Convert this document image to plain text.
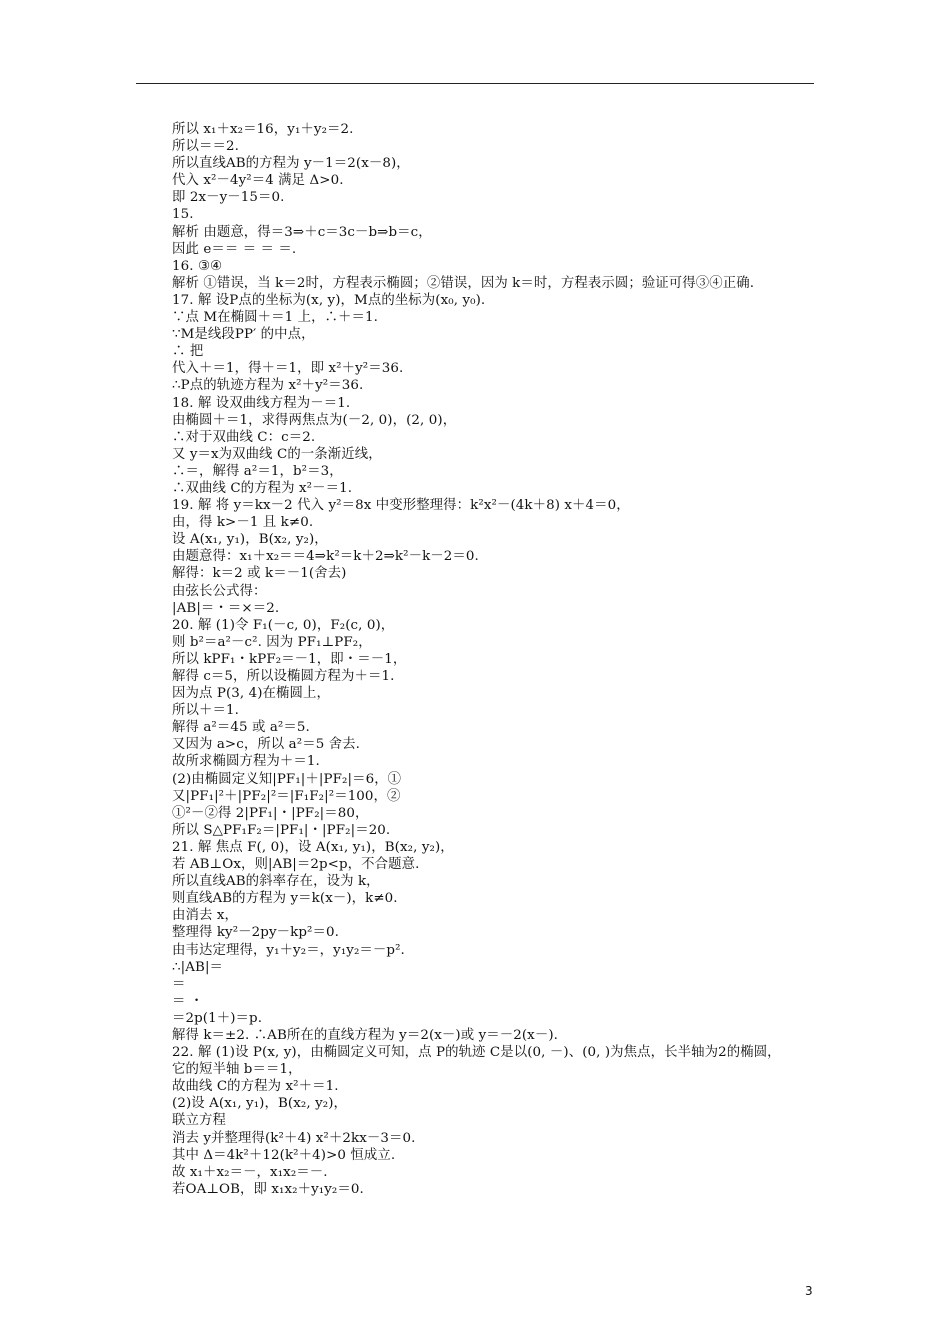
所以 x₁＋x₂＝16，y₁＋y₂＝2.
所以＝＝2.
所以直线AB的方程为 y－1＝2(x－8)，
代入 x²－4y²＝4 满足 Δ>0.
即 2x－y－15＝0.
15.
解析 由题意，得＝3⇒＋c＝3c－b⇒b＝c，
因此 e＝＝ ＝ ＝ ＝.
16. ③④
解析 ①错误，当 k＝2时，方程表示椭圆；②错误，因为 k＝时，方程表示圆；验证可得③④正确.
17. 解 设P点的坐标为(x, y)，M点的坐标为(x₀, y₀).
∵点 M在椭圆＋＝1 上，∴＋＝1.
∵M是线段PP′ 的中点，
∴ 把
代入＋＝1，得＋＝1，即 x²＋y²＝36.
∴P点的轨迹方程为 x²＋y²＝36.
18. 解 设双曲线方程为－＝1.
由椭圆＋＝1，求得两焦点为(－2, 0)，(2, 0)，
∴对于双曲线 C：c＝2.
又 y＝x为双曲线 C的一条渐近线，
∴＝，解得 a²＝1，b²＝3，
∴双曲线 C的方程为 x²－＝1.
19. 解 将 y＝kx－2 代入 y²＝8x 中变形整理得：k²x²－(4k＋8) x＋4＝0，
由，得 k>－1 且 k≠0.
设 A(x₁, y₁)，B(x₂, y₂)，
由题意得：x₁＋x₂＝＝4⇒k²＝k＋2⇒k²－k－2＝0.
解得：k＝2 或 k＝－1(舍去)
由弦长公式得：
|AB|＝・＝×＝2.
20. 解 (1)令 F₁(－c, 0)，F₂(c, 0)，
则 b²＝a²－c². 因为 PF₁⊥PF₂，
所以 kPF₁・kPF₂＝－1，即・＝－1，
解得 c＝5，所以设椭圆方程为＋＝1.
因为点 P(3, 4)在椭圆上，
所以＋＝1.
解得 a²＝45 或 a²＝5.
又因为 a>c，所以 a²＝5 舍去.
故所求椭圆方程为＋＝1.
(2)由椭圆定义知|PF₁|＋|PF₂|＝6，①
又|PF₁|²＋|PF₂|²＝|F₁F₂|²＝100，②
①²－②得 2|PF₁|・|PF₂|＝80，
所以 S△PF₁F₂＝|PF₁|・|PF₂|＝20.
21. 解 焦点 F(, 0)，设 A(x₁, y₁)，B(x₂, y₂)，
若 AB⊥Ox，则|AB|＝2p<p，不合题意.
所以直线AB的斜率存在，设为 k，
则直线AB的方程为 y＝k(x－)，k≠0.
由消去 x，
整理得 ky²－2py－kp²＝0.
由韦达定理得，y₁＋y₂＝，y₁y₂＝－p².
∴|AB|＝
＝
＝ ・
＝2p(1＋)＝p.
解得 k＝±2. ∴AB所在的直线方程为 y＝2(x－)或 y＝－2(x－).
22. 解 (1)设 P(x, y)，由椭圆定义可知，点 P的轨迹 C是以(0, －)、(0, )为焦点，长半轴为2的椭圆，
它的短半轴 b＝＝1，
故曲线 C的方程为 x²＋＝1.
(2)设 A(x₁, y₁)，B(x₂, y₂)，
联立方程
消去 y并整理得(k²＋4) x²＋2kx－3＝0.
其中 Δ＝4k²＋12(k²＋4)>0 恒成立.
故 x₁＋x₂＝－，x₁x₂＝－.
若OA⊥OB，即 x₁x₂＋y₁y₂＝0.
3
